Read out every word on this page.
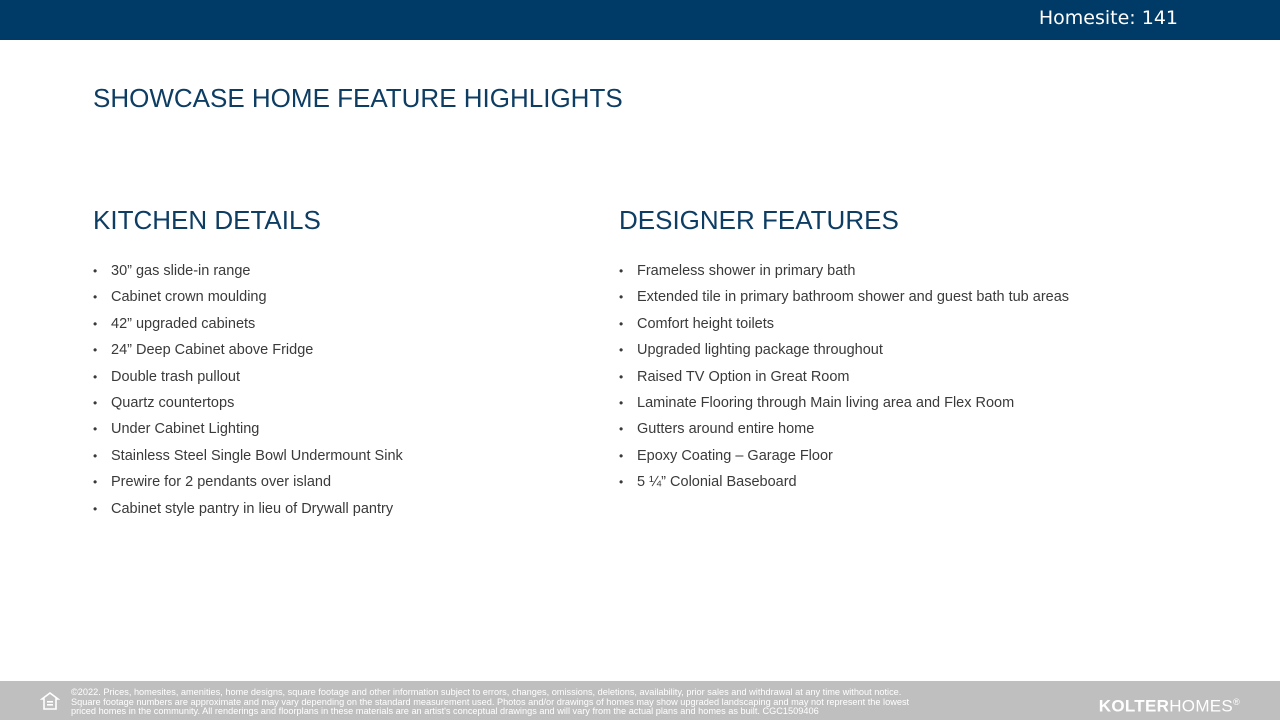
Homesite: 141
SHOWCASE HOME FEATURE HIGHLIGHTS
KITCHEN DETAILS
• 30” gas slide-in range
• Cabinet crown moulding
• 42” upgraded cabinets
• 24” Deep Cabinet above Fridge
• Double trash pullout
• Quartz countertops
• Under Cabinet Lighting
• Stainless Steel Single Bowl Undermount Sink
• Prewire for 2 pendants over island
• Cabinet style pantry in lieu of Drywall pantry
DESIGNER FEATURES
• Frameless shower in primary bath
• Extended tile in primary bathroom shower and guest bath tub areas
• Comfort height toilets
• Upgraded lighting package throughout
• Raised TV Option in Great Room
• Laminate Flooring through Main living area and Flex Room
• Gutters around entire home
• Epoxy Coating – Garage Floor
• 5 ¼” Colonial Baseboard
©2022. Prices, homesites, amenities, home designs, square footage and other information subject to errors, changes, omissions, deletions, availability, prior sales and withdrawal at any time without notice.
Square footage numbers are approximate and may vary depending on the standard measurement used. Photos and/or drawings of homes may show upgraded landscaping and may not represent the lowest
priced homes in the community. All renderings and floorplans in these materials are an artist's conceptual drawings and will vary from the actual plans and homes as built. CGC1509406	KOLTERHOMES®
